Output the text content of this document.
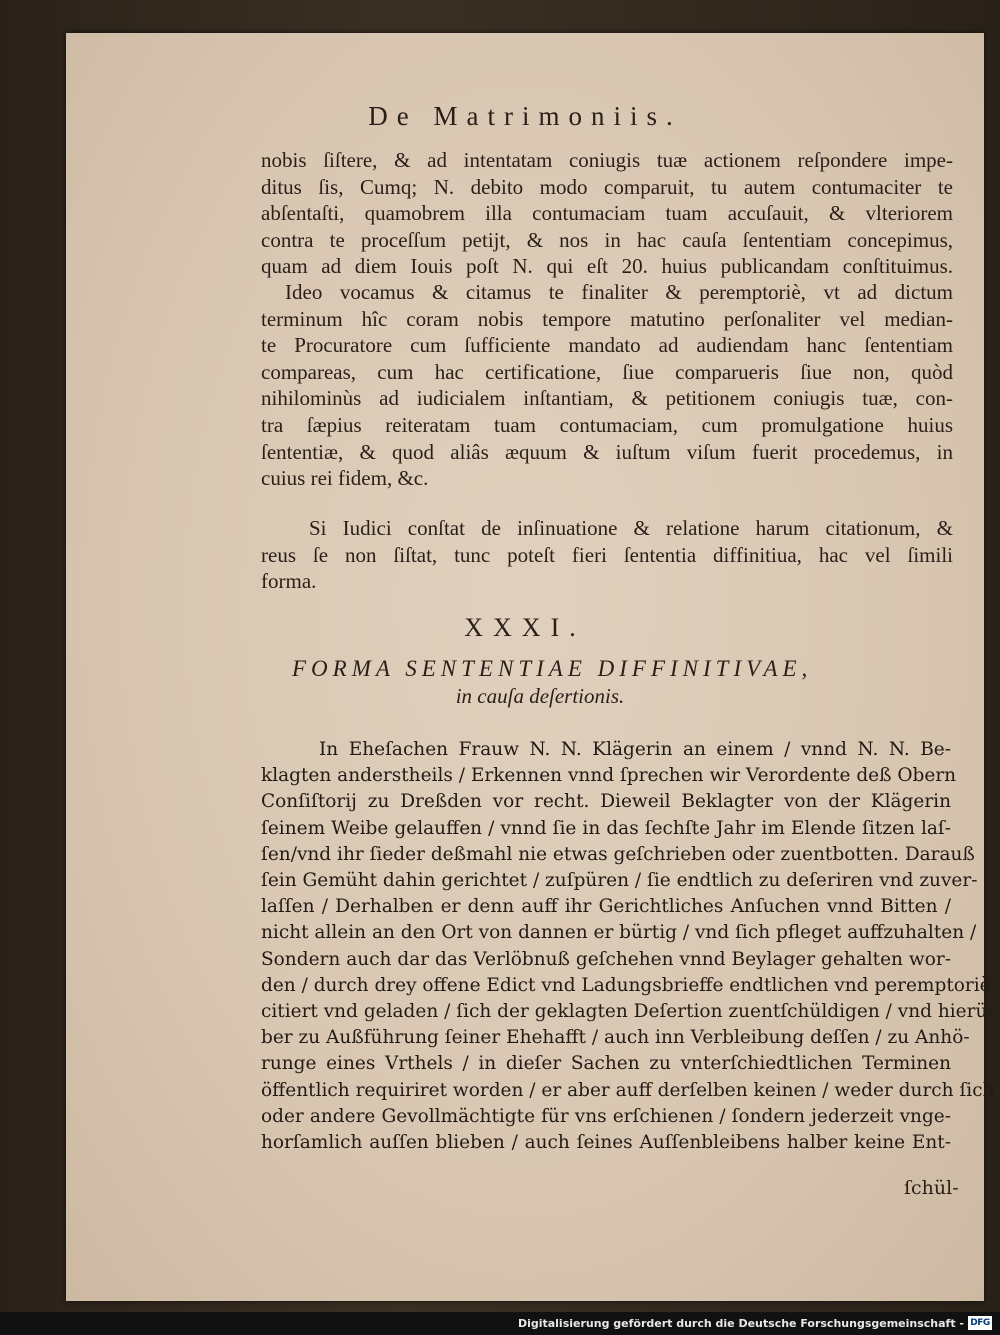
De Matrimoniis.
nobis ſiſtere, & ad intentatam coniugis tuæ actionem reſpondere impe-
ditus ſis, Cumq; N. debito modo comparuit, tu autem contumaciter te
abſentaſti, quamobrem illa contumaciam tuam accuſauit, & vlteriorem
contra te proceſſum petijt, & nos in hac cauſa ſententiam concepimus,
quam ad diem Iouis poſt N. qui eſt 20. huius publicandam conſtituimus.
Ideo vocamus & citamus te finaliter & peremptoriè, vt ad dictum
terminum hîc coram nobis tempore matutino perſonaliter vel median-
te Procuratore cum ſufficiente mandato ad audiendam hanc ſententiam
compareas, cum hac certificatione, ſiue comparueris ſiue non, quòd
nihilominùs ad iudicialem inſtantiam, & petitionem coniugis tuæ, con-
tra ſæpius reiteratam tuam contumaciam, cum promulgatione huius
ſententiæ, & quod aliâs æquum & iuſtum viſum fuerit procedemus, in
cuius rei fidem, &c.
Si Iudici conſtat de inſinuatione & relatione harum citationum, &
reus ſe non ſiſtat, tunc poteſt fieri ſententia diffinitiua, hac vel ſimili
forma.
XXXI.
FORMA SENTENTIAE DIFFINITIVAE,
in cauſa deſertionis.
In Eheſachen Frauw N. N. Klägerin an einem / vnnd N. N. Be-
klagten anderstheils / Erkennen vnnd ſprechen wir Verordente deß Obern
Conſiſtorij zu Dreßden vor recht. Dieweil Beklagter von der Klägerin
ſeinem Weibe gelauffen / vnnd ſie in das ſechſte Jahr im Elende ſitzen laſ-
ſen/vnd ihr ſieder deßmahl nie etwas geſchrieben oder zuentbotten. Darauß
ſein Gemüht dahin gerichtet / zuſpüren / ſie endtlich zu deſeriren vnd zuver-
laſſen / Derhalben er denn auff ihr Gerichtliches Anſuchen vnnd Bitten /
nicht allein an den Ort von dannen er bürtig / vnd ſich pfleget auffzuhalten /
Sondern auch dar das Verlöbnuß geſchehen vnnd Beylager gehalten wor-
den / durch drey offene Edict vnd Ladungsbrieffe endtlichen vnd peremptoriè
citiert vnd geladen / ſich der geklagten Deſertion zuentſchüldigen / vnd hierü-
ber zu Außführung ſeiner Ehehafft / auch inn Verbleibung deſſen / zu Anhö-
runge eines Vrthels / in dieſer Sachen zu vnterſchiedtlichen Terminen
öffentlich requiriret worden / er aber auff derſelben keinen / weder durch ſich
oder andere Gevollmächtigte für vns erſchienen / ſondern jederzeit vnge-
horſamlich auſſen blieben / auch ſeines Auſſenbleibens halber keine Ent-
ſchül-
Digitalisierung gefördert durch die Deutsche Forschungsgemeinschaft - DFG
